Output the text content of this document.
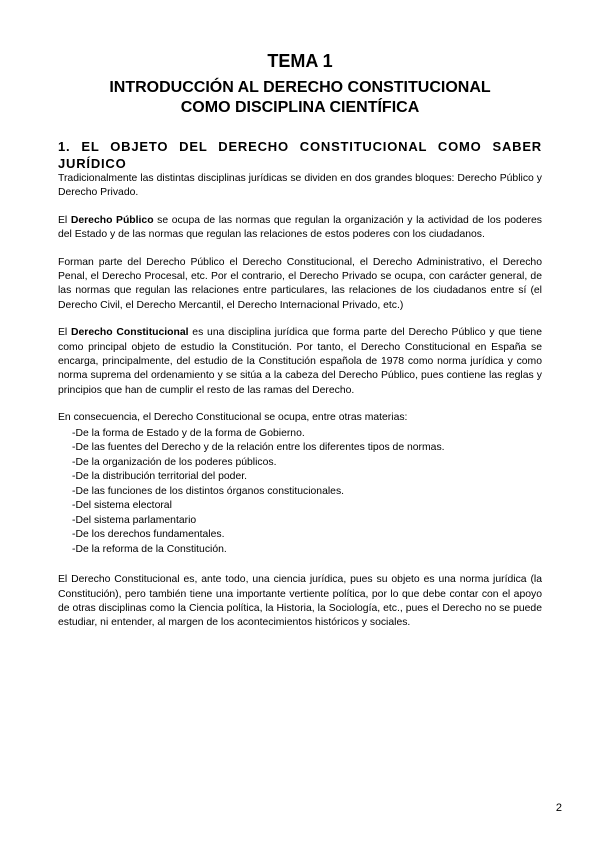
TEMA 1
INTRODUCCIÓN AL DERECHO CONSTITUCIONAL
COMO DISCIPLINA CIENTÍFICA
1. EL OBJETO DEL DERECHO CONSTITUCIONAL COMO SABER JURÍDICO

Tradicionalmente las distintas disciplinas jurídicas se dividen en dos grandes bloques: Derecho Público y Derecho Privado.

El Derecho Público se ocupa de las normas que regulan la organización y la actividad de los poderes del Estado y de las normas que regulan las relaciones de estos poderes con los ciudadanos.

Forman parte del Derecho Público el Derecho Constitucional, el Derecho Administrativo, el Derecho Penal, el Derecho Procesal, etc. Por el contrario, el Derecho Privado se ocupa, con carácter general, de las normas que regulan las relaciones entre particulares, las relaciones de los ciudadanos entre sí (el Derecho Civil, el Derecho Mercantil, el Derecho Internacional Privado, etc.)

El Derecho Constitucional es una disciplina jurídica que forma parte del Derecho Público y que tiene como principal objeto de estudio la Constitución. Por tanto, el Derecho Constitucional en España se encarga, principalmente, del estudio de la Constitución española de 1978 como norma jurídica y como norma suprema del ordenamiento y se sitúa a la cabeza del Derecho Público, pues contiene las reglas y principios que han de cumplir el resto de las ramas del Derecho.

En consecuencia, el Derecho Constitucional se ocupa, entre otras materias:

-De la forma de Estado y de la forma de Gobierno.
-De las fuentes del Derecho y de la relación entre los diferentes tipos de normas.
-De la organización de los poderes públicos.
-De la distribución territorial del poder.
-De las funciones de los distintos órganos constitucionales.
-Del sistema electoral
-Del sistema parlamentario
-De los derechos fundamentales.
-De la reforma de la Constitución.

El Derecho Constitucional es, ante todo, una ciencia jurídica, pues su objeto es una norma jurídica (la Constitución), pero también tiene una importante vertiente política, por lo que debe contar con el apoyo de otras disciplinas como la Ciencia política, la Historia, la Sociología, etc., pues el Derecho no se puede estudiar, ni entender, al margen de los acontecimientos históricos y sociales.

2
